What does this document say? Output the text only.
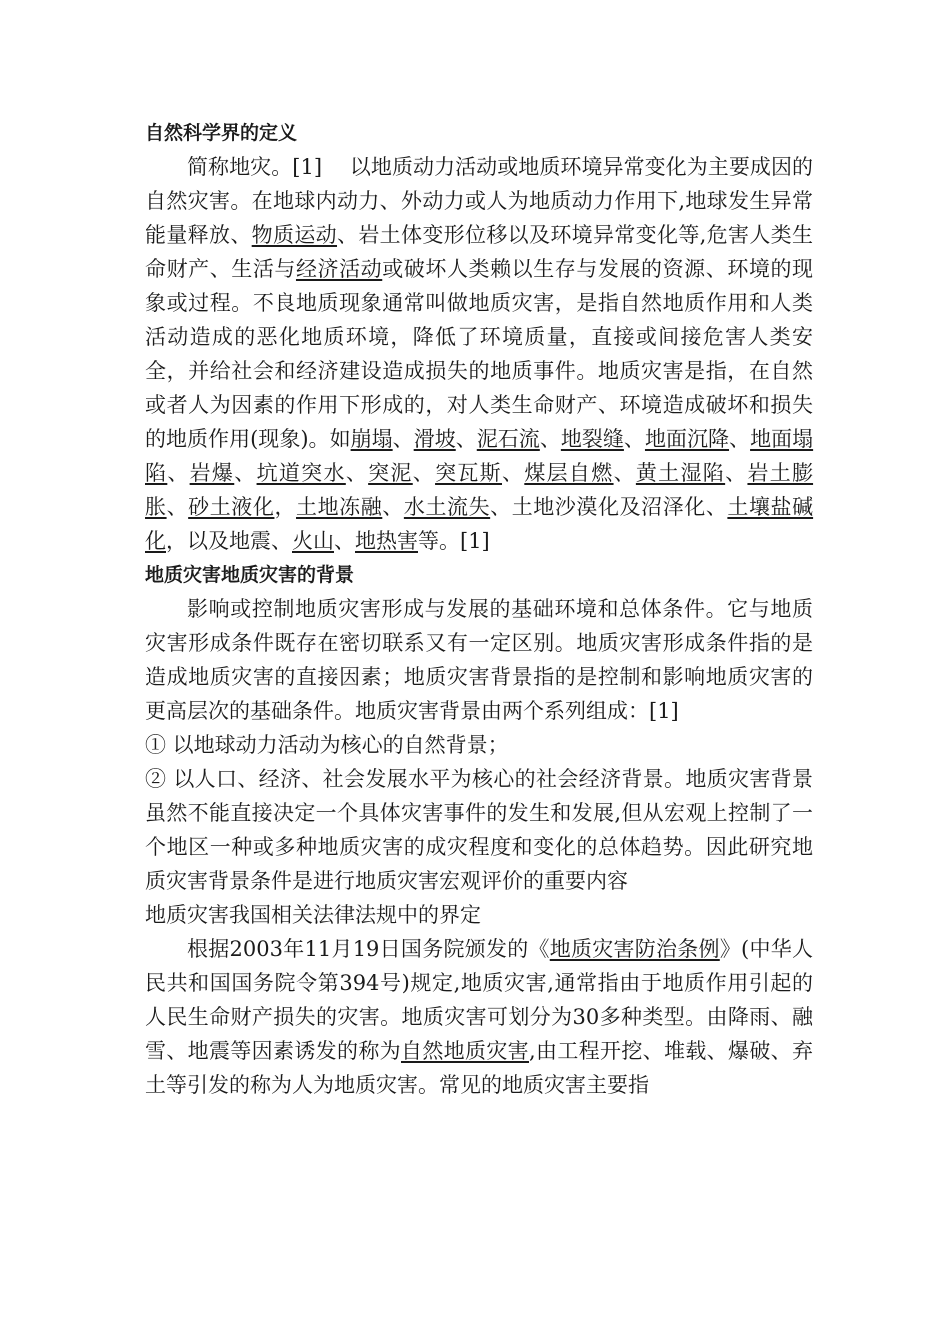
自然科学界的定义

简称地灾。[1]　 以地质动力活动或地质环境异常变化为主要成因的自然灾害。在地球内动力、外动力或人为地质动力作用下,地球发生异常能量释放、物质运动、岩土体变形位移以及环境异常变化等,危害人类生命财产、生活与经济活动或破坏人类赖以生存与发展的资源、环境的现象或过程。不良地质现象通常叫做地质灾害，是指自然地质作用和人类活动造成的恶化地质环境，降低了环境质量，直接或间接危害人类安全，并给社会和经济建设造成损失的地质事件。地质灾害是指，在自然或者人为因素的作用下形成的，对人类生命财产、环境造成破坏和损失的地质作用(现象)。如崩塌、滑坡、泥石流、地裂缝、地面沉降、地面塌陷、岩爆、坑道突水、突泥、突瓦斯、煤层自燃、黄土湿陷、岩土膨胀、砂土液化，土地冻融、水土流失、土地沙漠化及沼泽化、土壤盐碱化，以及地震、火山、地热害等。[1]

地质灾害地质灾害的背景

影响或控制地质灾害形成与发展的基础环境和总体条件。它与地质灾害形成条件既存在密切联系又有一定区别。地质灾害形成条件指的是造成地质灾害的直接因素；地质灾害背景指的是控制和影响地质灾害的更高层次的基础条件。地质灾害背景由两个系列组成：[1]

① 以地球动力活动为核心的自然背景；

② 以人口、经济、社会发展水平为核心的社会经济背景。地质灾害背景虽然不能直接决定一个具体灾害事件的发生和发展,但从宏观上控制了一个地区一种或多种地质灾害的成灾程度和变化的总体趋势。因此研究地质灾害背景条件是进行地质灾害宏观评价的重要内容

地质灾害我国相关法律法规中的界定

根据2003年11月19日国务院颁发的《地质灾害防治条例》(中华人民共和国国务院令第394号)规定,地质灾害,通常指由于地质作用引起的人民生命财产损失的灾害。地质灾害可划分为30多种类型。由降雨、融雪、地震等因素诱发的称为自然地质灾害,由工程开挖、堆载、爆破、弃土等引发的称为人为地质灾害。常见的地质灾害主要指
